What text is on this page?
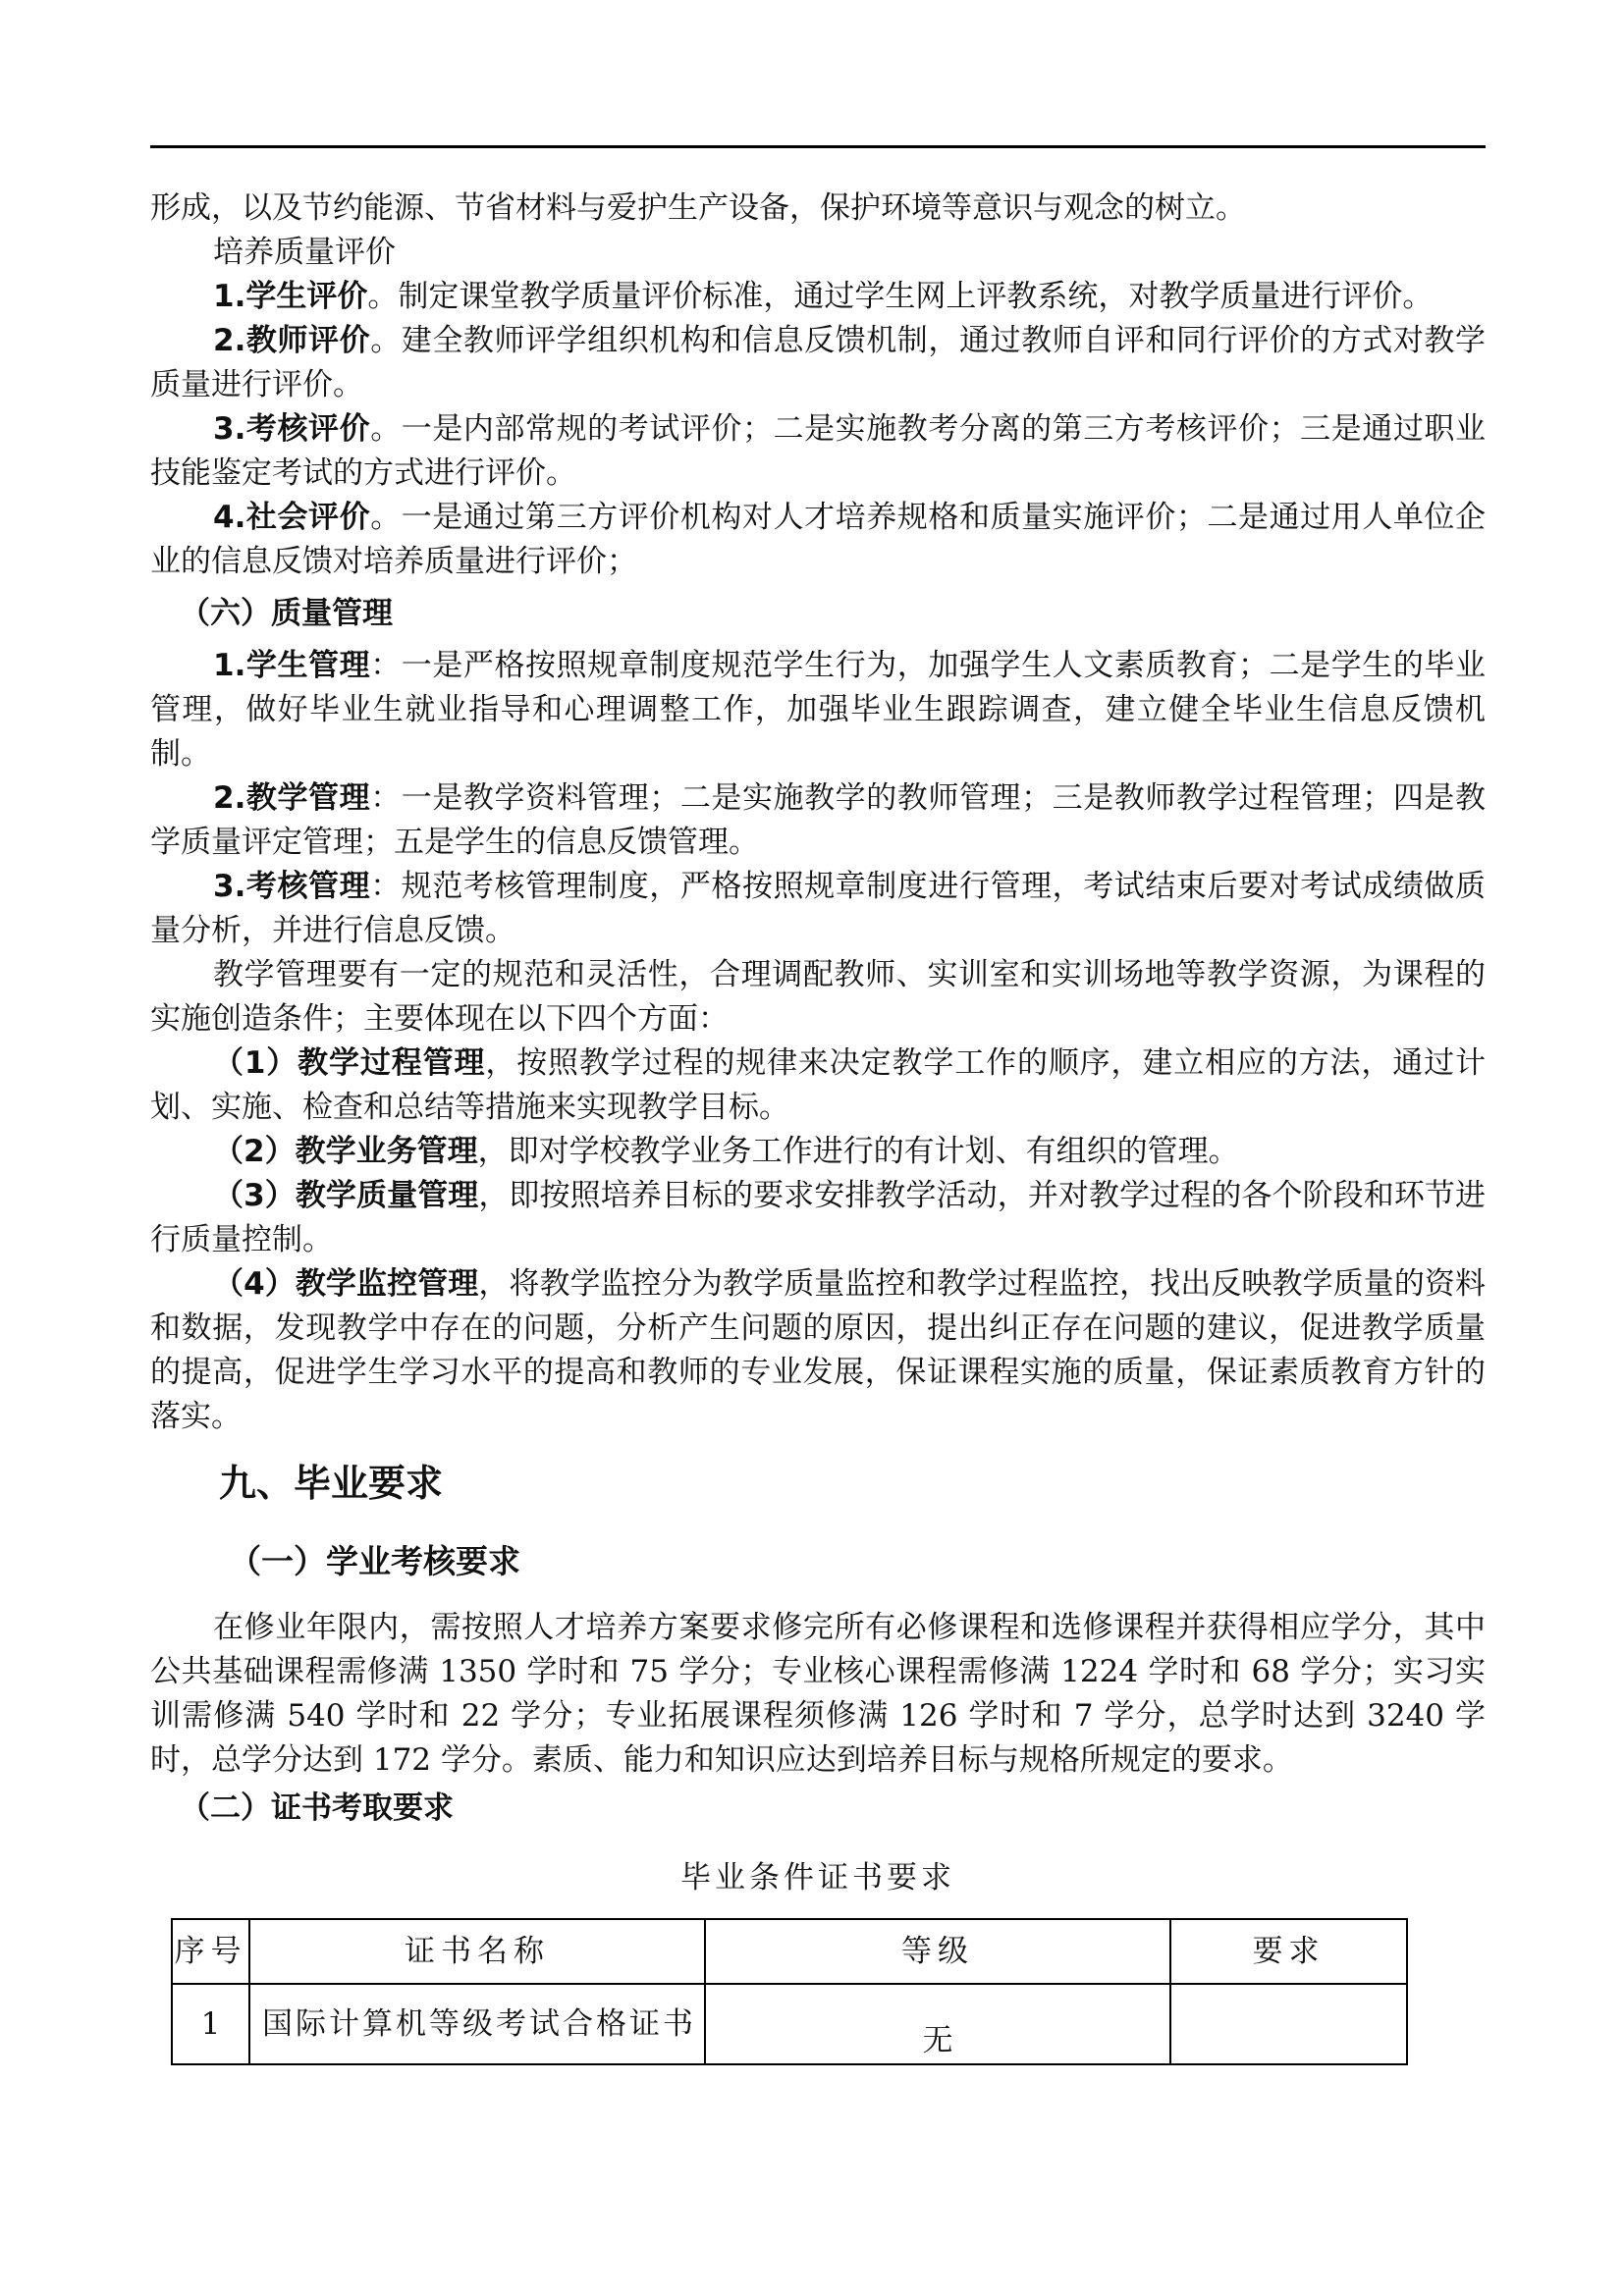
形成，以及节约能源、节省材料与爱护生产设备，保护环境等意识与观念的树立。

培养质量评价

1.学生评价。制定课堂教学质量评价标准，通过学生网上评教系统，对教学质量进行评价。

2.教师评价。建全教师评学组织机构和信息反馈机制，通过教师自评和同行评价的方式对教学质量进行评价。

3.考核评价。一是内部常规的考试评价；二是实施教考分离的第三方考核评价；三是通过职业技能鉴定考试的方式进行评价。

4.社会评价。一是通过第三方评价机构对人才培养规格和质量实施评价；二是通过用人单位企业的信息反馈对培养质量进行评价；

（六）质量管理

1.学生管理：一是严格按照规章制度规范学生行为，加强学生人文素质教育；二是学生的毕业管理，做好毕业生就业指导和心理调整工作，加强毕业生跟踪调查，建立健全毕业生信息反馈机制。

2.教学管理：一是教学资料管理；二是实施教学的教师管理；三是教师教学过程管理；四是教学质量评定管理；五是学生的信息反馈管理。

3.考核管理：规范考核管理制度，严格按照规章制度进行管理，考试结束后要对考试成绩做质量分析，并进行信息反馈。

教学管理要有一定的规范和灵活性，合理调配教师、实训室和实训场地等教学资源，为课程的实施创造条件；主要体现在以下四个方面：

（1）教学过程管理，按照教学过程的规律来决定教学工作的顺序，建立相应的方法，通过计划、实施、检查和总结等措施来实现教学目标。

（2）教学业务管理，即对学校教学业务工作进行的有计划、有组织的管理。

（3）教学质量管理，即按照培养目标的要求安排教学活动，并对教学过程的各个阶段和环节进行质量控制。

（4）教学监控管理，将教学监控分为教学质量监控和教学过程监控，找出反映教学质量的资料和数据，发现教学中存在的问题，分析产生问题的原因，提出纠正存在问题的建议，促进教学质量的提高，促进学生学习水平的提高和教师的专业发展，保证课程实施的质量，保证素质教育方针的落实。

九、毕业要求
（一）学业考核要求

在修业年限内，需按照人才培养方案要求修完所有必修课程和选修课程并获得相应学分，其中公共基础课程需修满 1350 学时和 75 学分；专业核心课程需修满 1224 学时和 68 学分；实习实训需修满 540 学时和 22 学分；专业拓展课程须修满 126 学时和 7 学分，总学时达到 3240 学时，总学分达到 172 学分。素质、能力和知识应达到培养目标与规格所规定的要求。

（二）证书考取要求

毕业条件证书要求
序号	证书名称	等级	要求
1	国际计算机等级考试合格证书	无	
